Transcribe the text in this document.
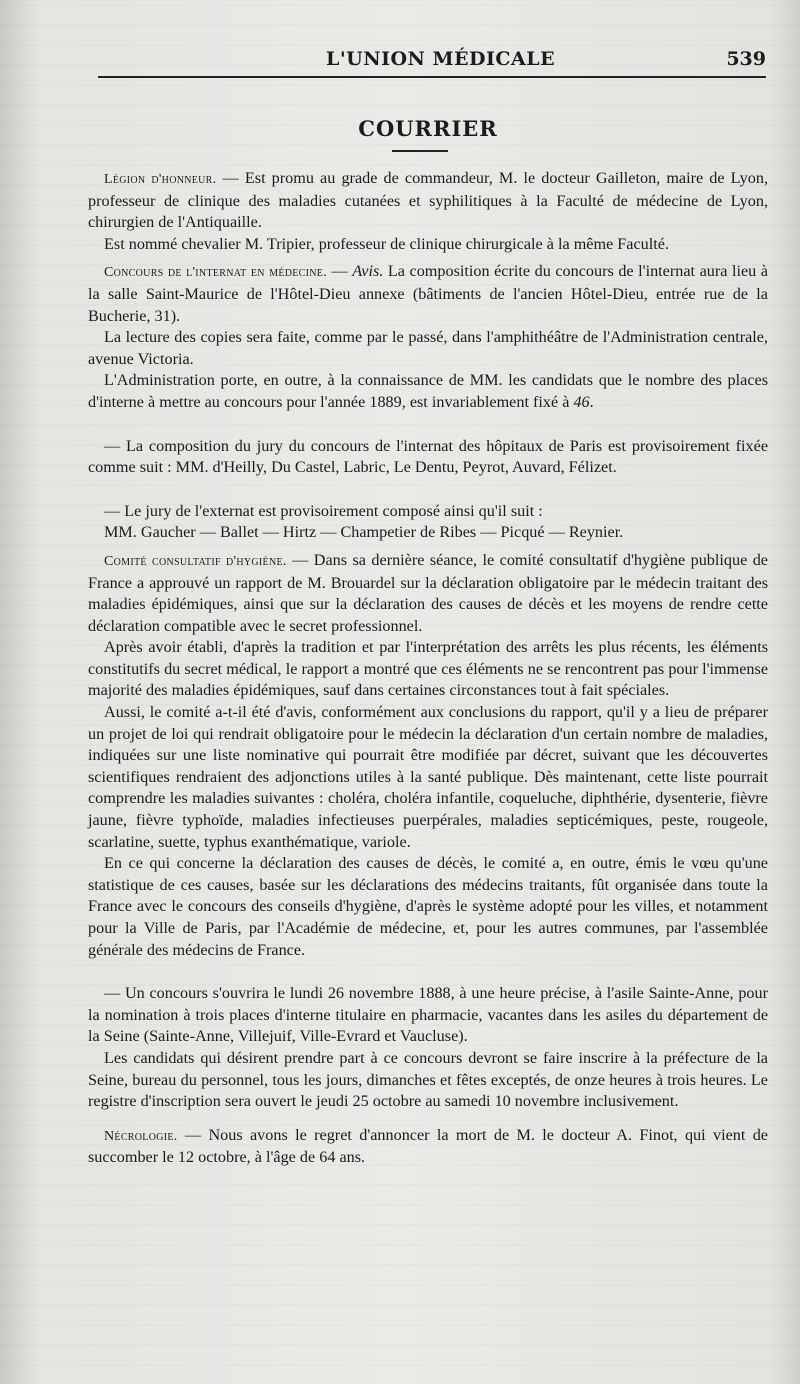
L'UNION MÉDICALE	539
COURRIER

Légion d'honneur. — Est promu au grade de commandeur, M. le docteur Gailleton, maire de Lyon, professeur de clinique des maladies cutanées et syphilitiques à la Faculté de médecine de Lyon, chirurgien de l'Antiquaille.

Est nommé chevalier M. Tripier, professeur de clinique chirurgicale à la même Faculté.

Concours de l'internat en médecine. — Avis. La composition écrite du concours de l'internat aura lieu à la salle Saint-Maurice de l'Hôtel-Dieu annexe (bâtiments de l'ancien Hôtel-Dieu, entrée rue de la Bucherie, 31).

La lecture des copies sera faite, comme par le passé, dans l'amphithéâtre de l'Administration centrale, avenue Victoria.

L'Administration porte, en outre, à la connaissance de MM. les candidats que le nombre des places d'interne à mettre au concours pour l'année 1889, est invariablement fixé à 46.

— La composition du jury du concours de l'internat des hôpitaux de Paris est provisoirement fixée comme suit : MM. d'Heilly, Du Castel, Labric, Le Dentu, Peyrot, Auvard, Félizet.

— Le jury de l'externat est provisoirement composé ainsi qu'il suit :

MM. Gaucher — Ballet — Hirtz — Champetier de Ribes — Picqué — Reynier.

Comité consultatif d'hygiène. — Dans sa dernière séance, le comité consultatif d'hygiène publique de France a approuvé un rapport de M. Brouardel sur la déclaration obligatoire par le médecin traitant des maladies épidémiques, ainsi que sur la déclaration des causes de décès et les moyens de rendre cette déclaration compatible avec le secret professionnel.

Après avoir établi, d'après la tradition et par l'interprétation des arrêts les plus récents, les éléments constitutifs du secret médical, le rapport a montré que ces éléments ne se rencontrent pas pour l'immense majorité des maladies épidémiques, sauf dans certaines circonstances tout à fait spéciales.

Aussi, le comité a-t-il été d'avis, conformément aux conclusions du rapport, qu'il y a lieu de préparer un projet de loi qui rendrait obligatoire pour le médecin la déclaration d'un certain nombre de maladies, indiquées sur une liste nominative qui pourrait être modifiée par décret, suivant que les découvertes scientifiques rendraient des adjonctions utiles à la santé publique. Dès maintenant, cette liste pourrait comprendre les maladies suivantes : choléra, choléra infantile, coqueluche, diphthérie, dysenterie, fièvre jaune, fièvre typhoïde, maladies infectieuses puerpérales, maladies septicémiques, peste, rougeole, scarlatine, suette, typhus exanthématique, variole.

En ce qui concerne la déclaration des causes de décès, le comité a, en outre, émis le vœu qu'une statistique de ces causes, basée sur les déclarations des médecins traitants, fût organisée dans toute la France avec le concours des conseils d'hygiène, d'après le système adopté pour les villes, et notamment pour la Ville de Paris, par l'Académie de médecine, et, pour les autres communes, par l'assemblée générale des médecins de France.

— Un concours s'ouvrira le lundi 26 novembre 1888, à une heure précise, à l'asile Sainte-Anne, pour la nomination à trois places d'interne titulaire en pharmacie, vacantes dans les asiles du département de la Seine (Sainte-Anne, Villejuif, Ville-Evrard et Vaucluse).

Les candidats qui désirent prendre part à ce concours devront se faire inscrire à la préfecture de la Seine, bureau du personnel, tous les jours, dimanches et fêtes exceptés, de onze heures à trois heures. Le registre d'inscription sera ouvert le jeudi 25 octobre au samedi 10 novembre inclusivement.

Nécrologie. — Nous avons le regret d'annoncer la mort de M. le docteur A. Finot, qui vient de succomber le 12 octobre, à l'âge de 64 ans.
